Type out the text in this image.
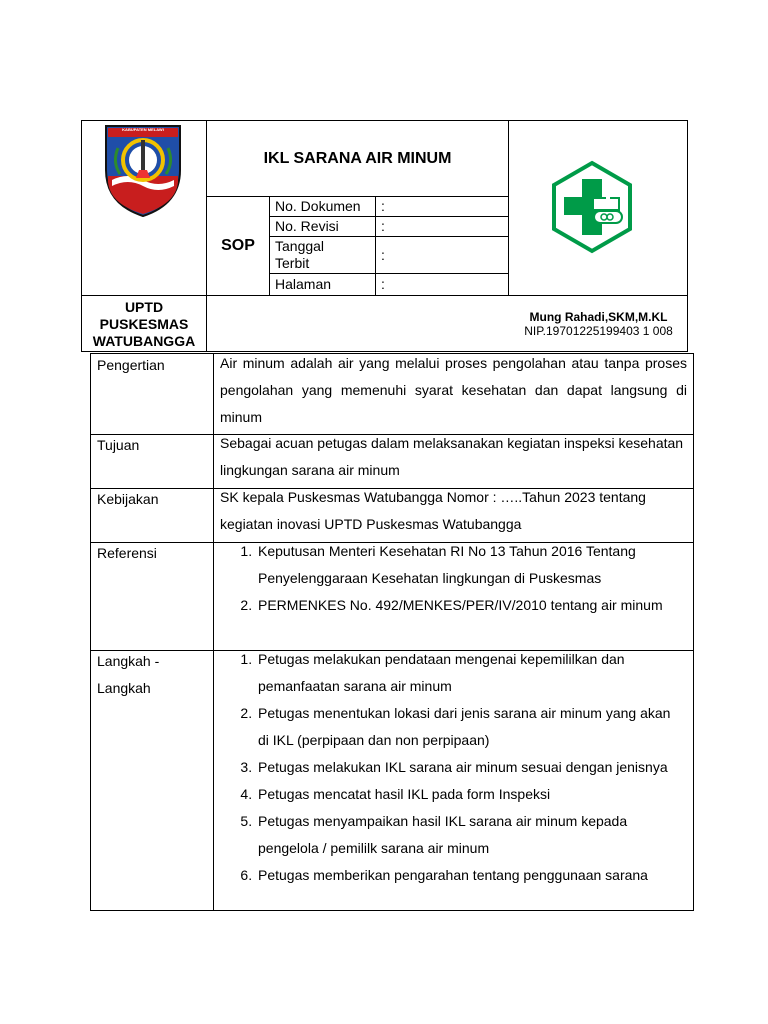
KABUPATEN MELAWI
IKL SARANA AIR MINUM
SOP
No. Dokumen	:
No. Revisi	:
Tanggal Terbit
:
Halaman	:
UPTD
PUSKESMAS
WATUBANGGA
Mung Rahadi,SKM,M.KL
NIP.19701225199403 1 008
Pengertian	Air minum adalah air yang melalui proses pengolahan atau tanpa proses pengolahan yang memenuhi syarat kesehatan dan dapat langsung di minum
Tujuan	Sebagai acuan petugas dalam melaksanakan kegiatan inspeksi kesehatan lingkungan sarana air minum
Kebijakan	SK kepala Puskesmas Watubangga Nomor : …..Tahun 2023 tentang kegiatan inovasi UPTD Puskesmas Watubangga
Referensi
1.	Keputusan Menteri Kesehatan RI No 13 Tahun 2016 Tentang Penyelenggaraan Kesehatan lingkungan di Puskesmas
2. PERMENKES No. 492/MENKES/PER/IV/2010 tentang air minum
Langkah -
Langkah
1. Petugas melakukan pendataan mengenai kepemililkan dan pemanfaatan sarana air minum
2. Petugas menentukan lokasi dari jenis sarana air minum yang akan di IKL (perpipaan dan non perpipaan)
3. Petugas melakukan IKL sarana air minum sesuai dengan jenisnya
4. Petugas mencatat hasil IKL pada form Inspeksi
5. Petugas menyampaikan hasil IKL sarana air minum kepada pengelola / pemililk sarana air minum
6. Petugas memberikan pengarahan tentang penggunaan sarana
